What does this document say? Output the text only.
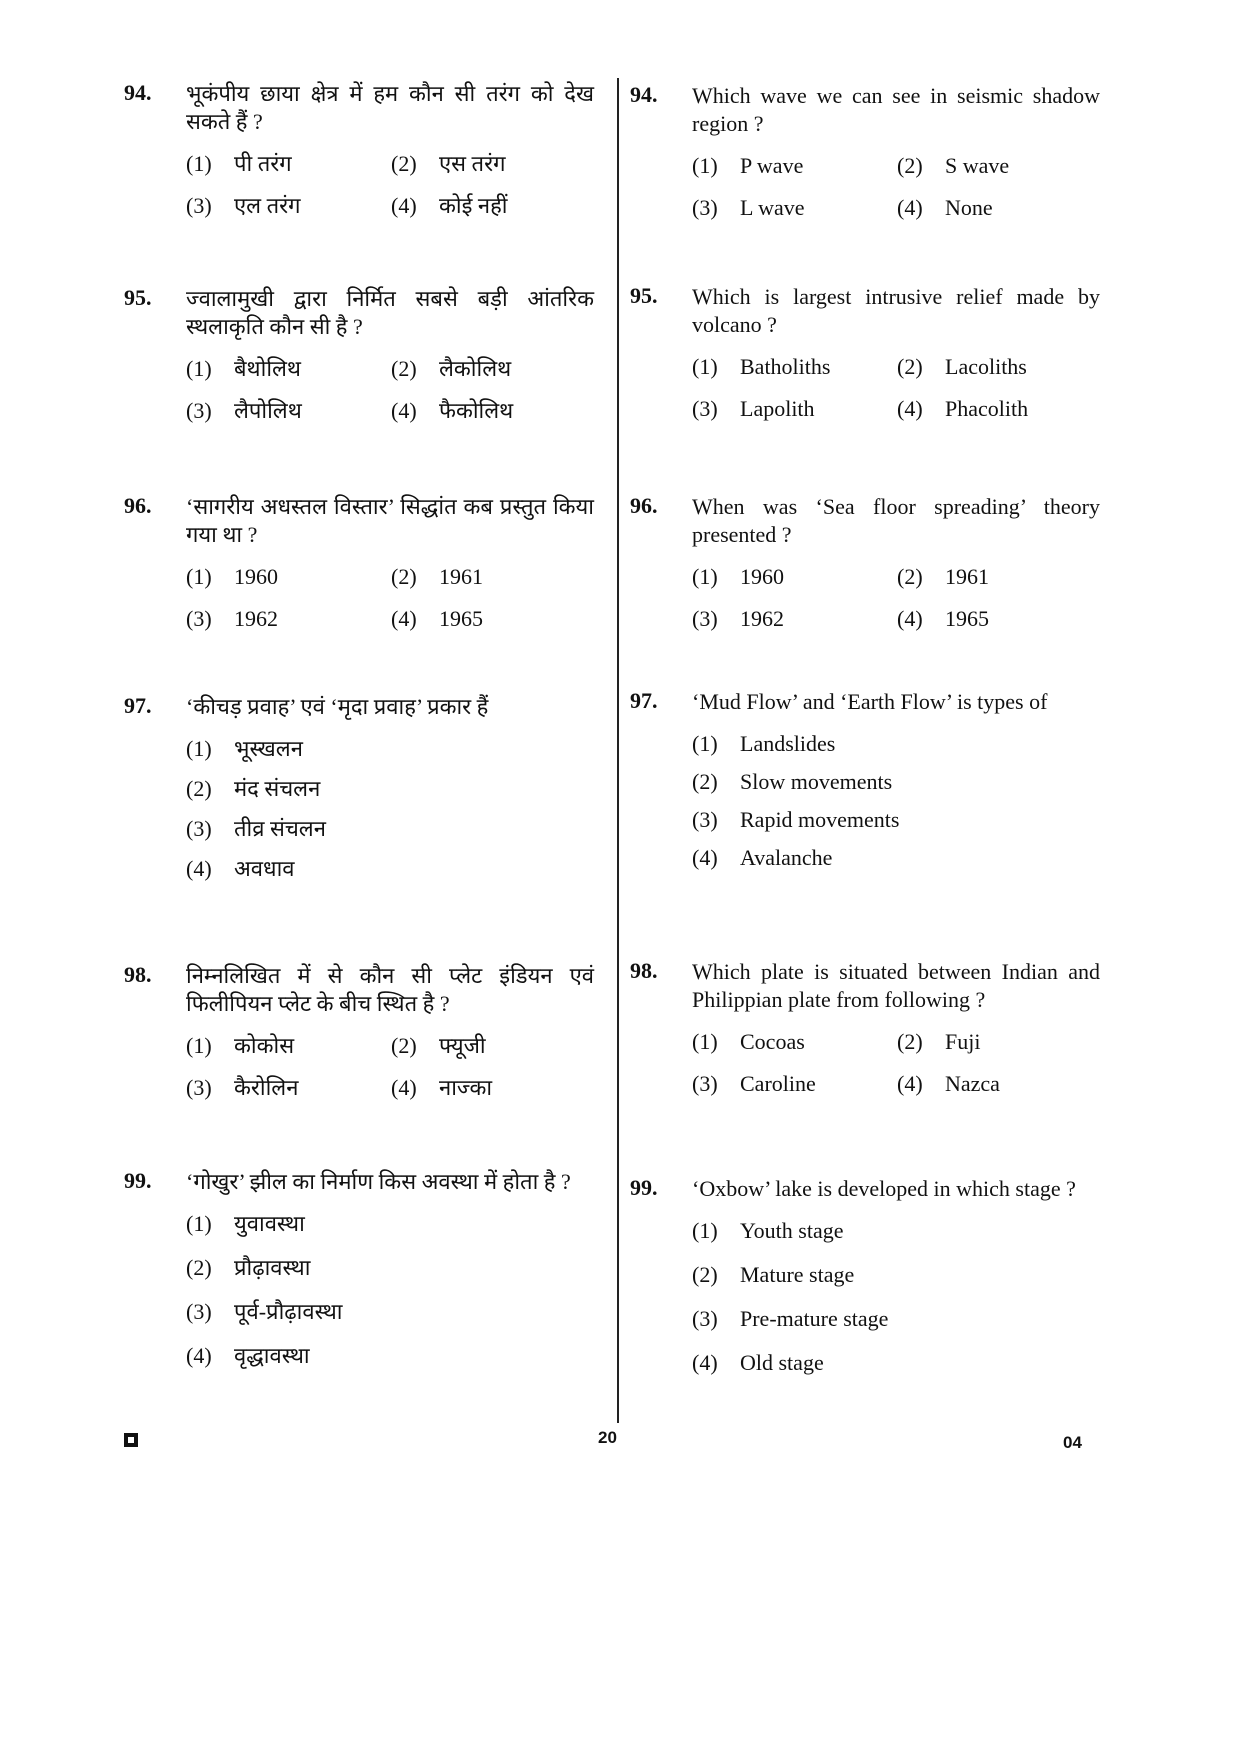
94. भूकंपीय छाया क्षेत्र में हम कौन सी तरंग को देख सकते हैं ?
(1) पी तरंग	(2) एस तरंग
(3) एल तरंग	(4) कोई नहीं
95. ज्वालामुखी द्वारा निर्मित सबसे बड़ी आंतरिक स्थलाकृति कौन सी है ?
(1) बैथोलिथ	(2) लैकोलिथ
(3) लैपोलिथ	(4) फैकोलिथ
96. ‘सागरीय अधस्तल विस्तार’ सिद्धांत कब प्रस्तुत किया गया था ?
(1) 1960	(2) 1961
(3) 1962	(4) 1965
97. ‘कीचड़ प्रवाह’ एवं ‘मृदा प्रवाह’ प्रकार हैं
(1) भूस्खलन
(2) मंद संचलन
(3) तीव्र संचलन
(4) अवधाव
98. निम्नलिखित में से कौन सी प्लेट इंडियन एवं फिलीपियन प्लेट के बीच स्थित है ?
(1) कोकोस	(2) फ्यूजी
(3) कैरोलिन	(4) नाज्का
99. ‘गोखुर’ झील का निर्माण किस अवस्था में होता है ?
(1) युवावस्था
(2) प्रौढ़ावस्था
(3) पूर्व-प्रौढ़ावस्था
(4) वृद्धावस्था
94. Which wave we can see in seismic shadow region ?
(1) P wave	(2) S wave
(3) L wave	(4) None
95. Which is largest intrusive relief made by volcano ?
(1) Batholiths	(2) Lacoliths
(3) Lapolith	(4) Phacolith
96. When was ‘Sea floor spreading’ theory presented ?
(1) 1960	(2) 1961
(3) 1962	(4) 1965
97. ‘Mud Flow’ and ‘Earth Flow’ is types of
(1) Landslides
(2) Slow movements
(3) Rapid movements
(4) Avalanche
98. Which plate is situated between Indian and Philippian plate from following ?
(1) Cocoas	(2) Fuji
(3) Caroline	(4) Nazca
99. ‘Oxbow’ lake is developed in which stage ?
(1) Youth stage
(2) Mature stage
(3) Pre-mature stage
(4) Old stage
20	04
